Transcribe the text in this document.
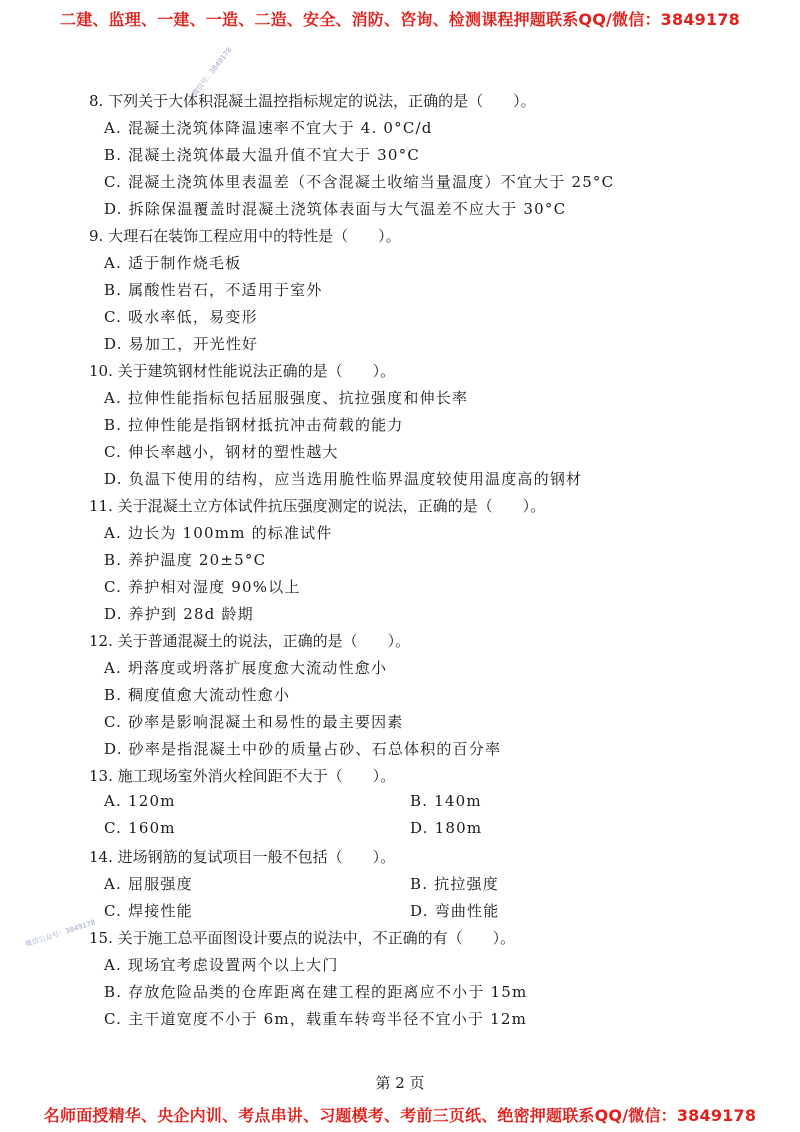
二建、监理、一建、一造、二造、安全、消防、咨询、检测课程押题联系QQ/微信：3849178
微信号：3849178
微信公众号：3849178
8. 下列关于大体积混凝土温控指标规定的说法，正确的是（　　）。
A. 混凝土浇筑体降温速率不宜大于 4. 0°C/d
B. 混凝土浇筑体最大温升值不宜大于 30°C
C. 混凝土浇筑体里表温差（不含混凝土收缩当量温度）不宜大于 25°C
D. 拆除保温覆盖时混凝土浇筑体表面与大气温差不应大于 30°C
9. 大理石在装饰工程应用中的特性是（　　）。
A. 适于制作烧毛板
B. 属酸性岩石，不适用于室外
C. 吸水率低，易变形
D. 易加工，开光性好
10. 关于建筑钢材性能说法正确的是（　　）。
A. 拉伸性能指标包括屈服强度、抗拉强度和伸长率
B. 拉伸性能是指钢材抵抗冲击荷载的能力
C. 伸长率越小，钢材的塑性越大
D. 负温下使用的结构，应当选用脆性临界温度较使用温度高的钢材
11. 关于混凝土立方体试件抗压强度测定的说法，正确的是（　　）。
A. 边长为 100mm 的标准试件
B. 养护温度 20±5°C
C. 养护相对湿度 90%以上
D. 养护到 28d 龄期
12. 关于普通混凝土的说法，正确的是（　　）。
A. 坍落度或坍落扩展度愈大流动性愈小
B. 稠度值愈大流动性愈小
C. 砂率是影响混凝土和易性的最主要因素
D. 砂率是指混凝土中砂的质量占砂、石总体积的百分率
13. 施工现场室外消火栓间距不大于（　　）。
A. 120m	B. 140m
C. 160m	D. 180m
14. 进场钢筋的复试项目一般不包括（　　）。
A. 屈服强度	B. 抗拉强度
C. 焊接性能	D. 弯曲性能
15. 关于施工总平面图设计要点的说法中，不正确的有（　　）。
A. 现场宜考虑设置两个以上大门
B. 存放危险品类的仓库距离在建工程的距离应不小于 15m
C. 主干道宽度不小于 6m，载重车转弯半径不宜小于 12m
第 2 页
名师面授精华、央企内训、考点串讲、习题模考、考前三页纸、绝密押题联系QQ/微信：3849178
